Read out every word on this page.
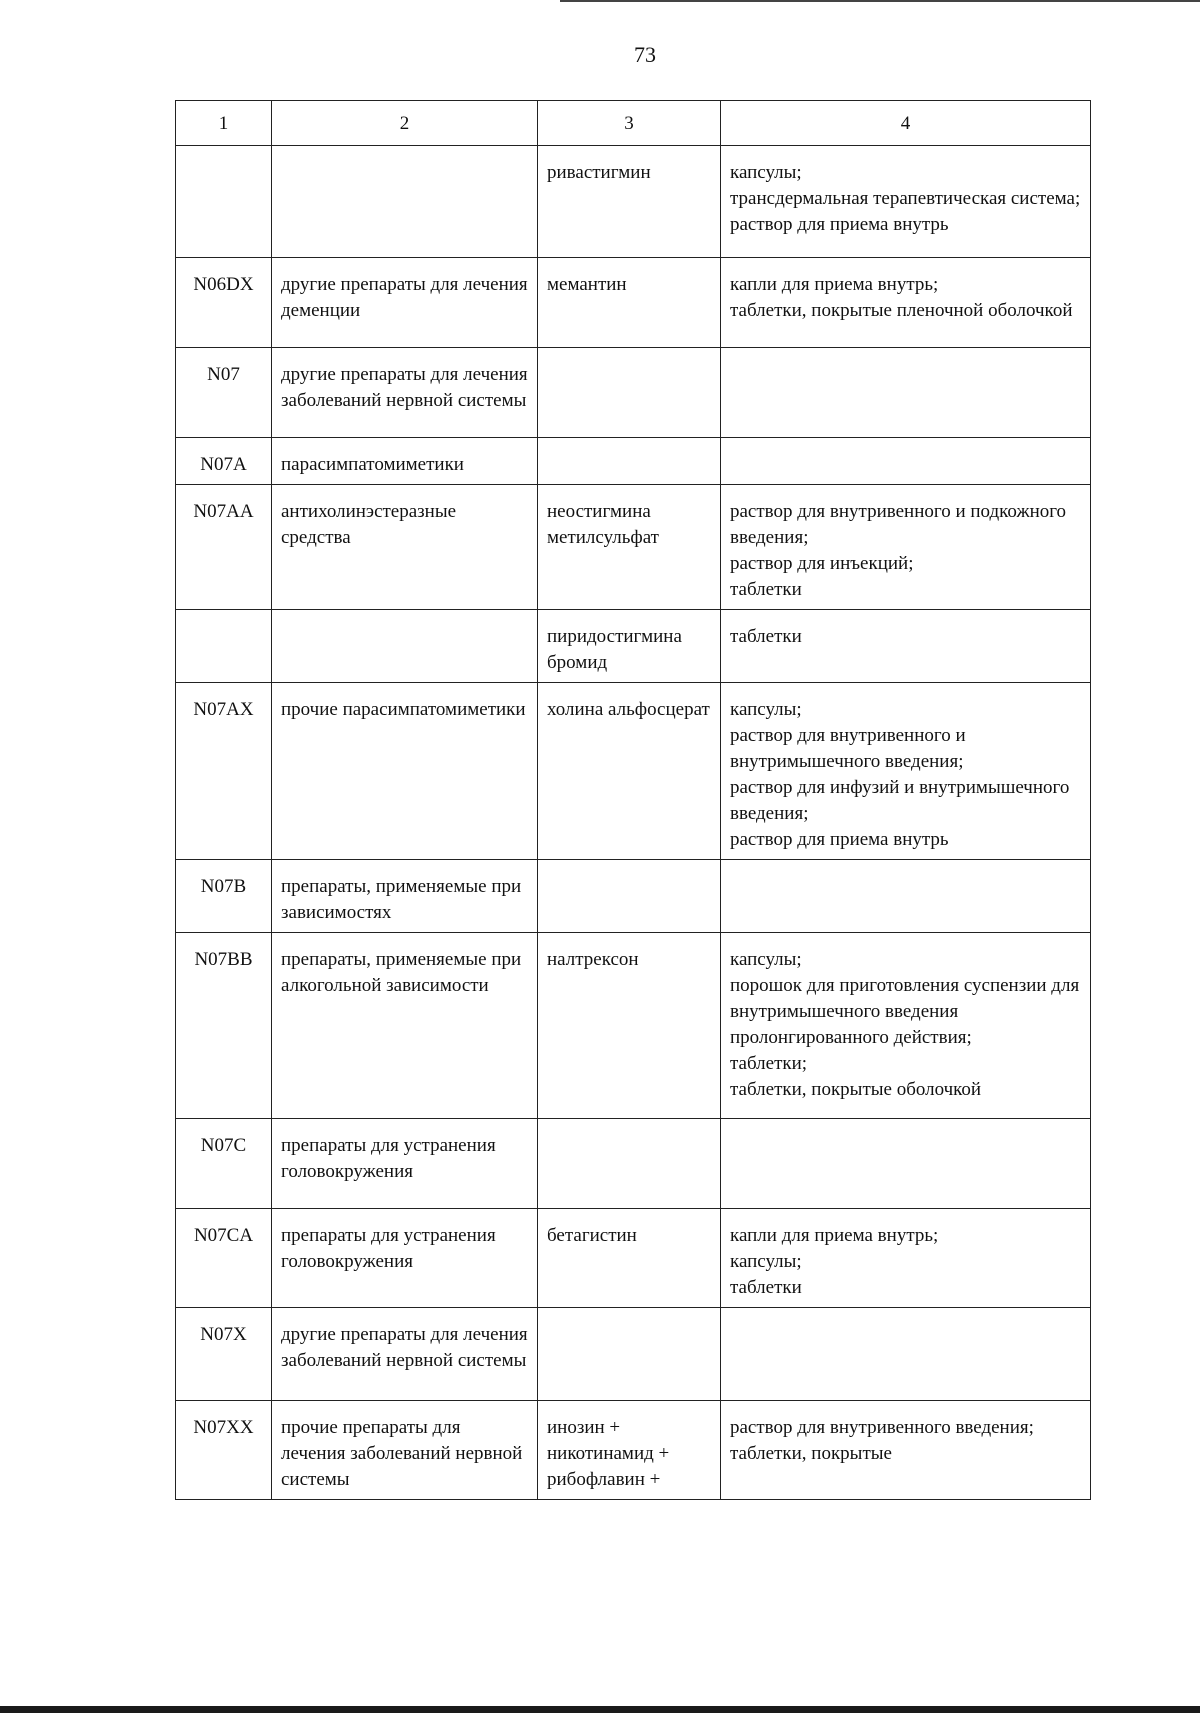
73
1	2	3	4

		ривастигмин	капсулы;
трансдермальная терапевтическая система;
раствор для приема внутрь

N06DX	другие препараты для лечения деменции	мемантин	капли для приема внутрь;
таблетки, покрытые пленочной оболочкой

N07	другие препараты для лечения заболеваний нервной системы		

N07A	парасимпатомиметики		

N07AA	антихолинэстеразные средства	неостигмина метилсульфат	раствор для внутривенного и подкожного введения;
раствор для инъекций;
таблетки

		пиридостигмина бромид	таблетки

N07AX	прочие парасимпатомиметики	холина альфосцерат	капсулы;
раствор для внутривенного и внутримышечного введения;
раствор для инфузий и внутримышечного введения;
раствор для приема внутрь

N07B	препараты, применяемые при зависимостях		

N07BB	препараты, применяемые при алкогольной зависимости	налтрексон	капсулы;
порошок для приготовления суспензии для внутримышечного введения пролонгированного действия;
таблетки;
таблетки, покрытые оболочкой

N07C	препараты для устранения головокружения		

N07CA	препараты для устранения головокружения	бетагистин	капли для приема внутрь;
капсулы;
таблетки

N07X	другие препараты для лечения заболеваний нервной системы		

N07XX	прочие препараты для лечения заболеваний нервной системы	инозин +
никотинамид +
рибофлавин +	раствор для внутривенного введения;
таблетки, покрытые
